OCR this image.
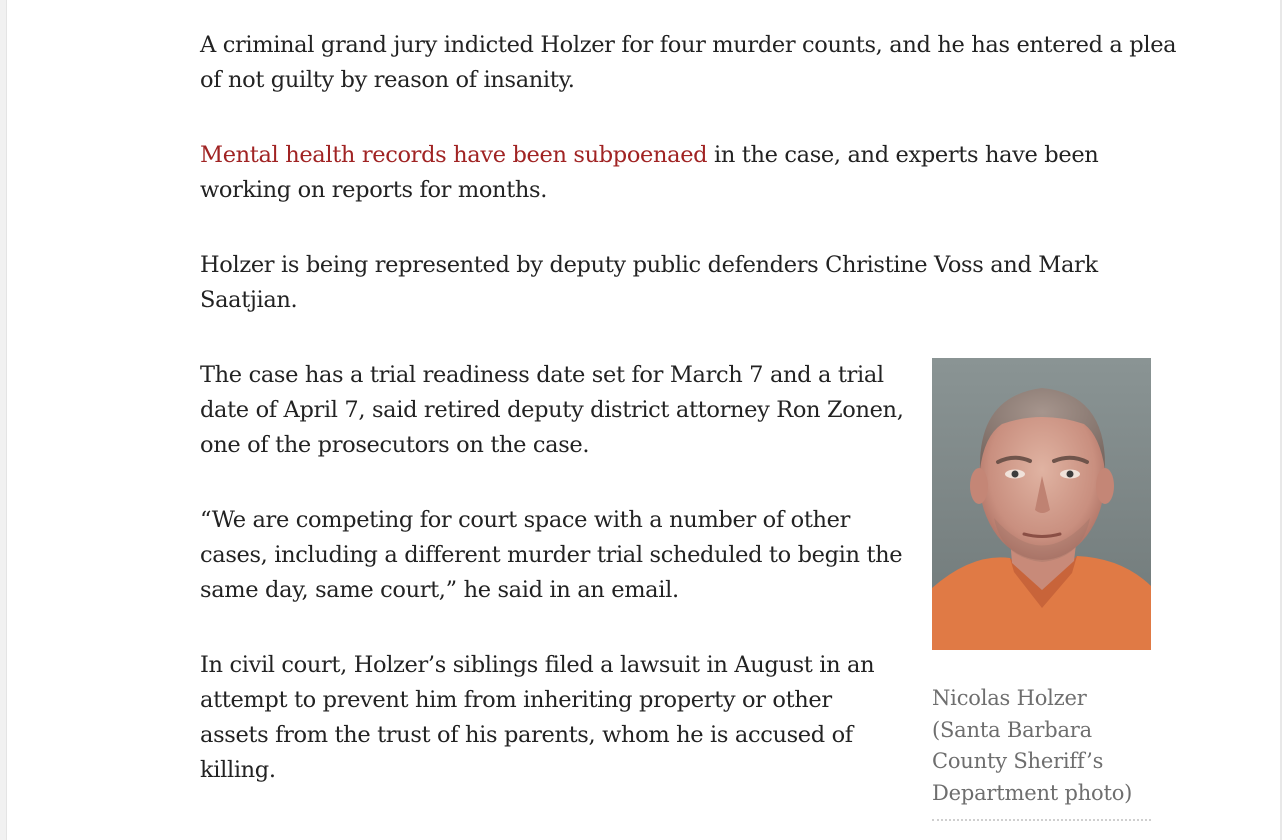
A criminal grand jury indicted Holzer for four murder counts, and he has entered a plea of not guilty by reason of insanity.

Mental health records have been subpoenaed in the case, and experts have been working on reports for months.

Holzer is being represented by deputy public defenders Christine Voss and Mark Saatjian.

The case has a trial readiness date set for March 7 and a trial date of April 7, said retired deputy district attorney Ron Zonen, one of the prosecutors on the case.

“We are competing for court space with a number of other cases, including a different murder trial scheduled to begin the same day, same court,” he said in an email.

In civil court, Holzer’s siblings filed a lawsuit in August in an attempt to prevent him from inheriting property or other assets from the trust of his parents, whom he is accused of killing.

Nicolas Holzer (Santa Barbara County Sheriff’s Department photo)
